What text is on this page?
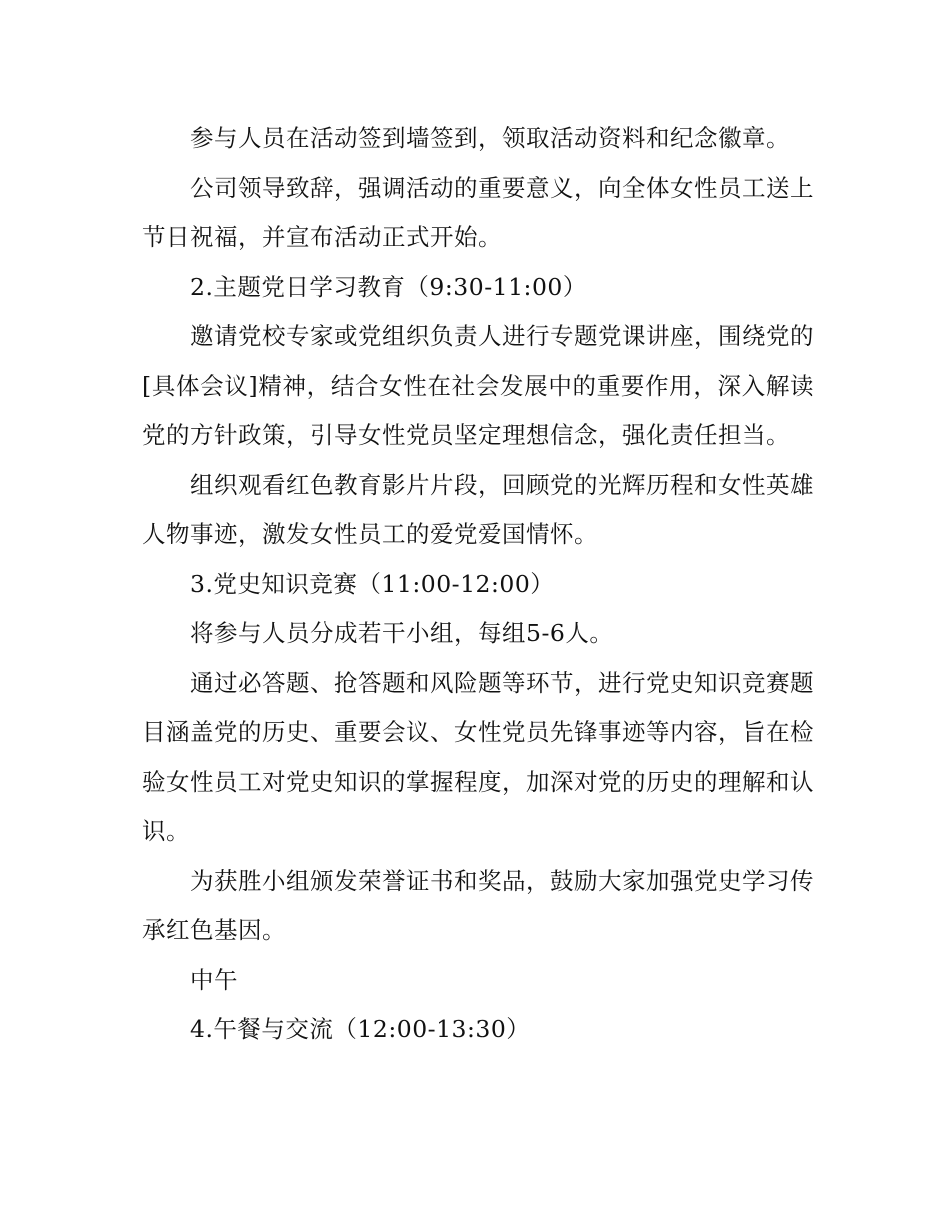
参与人员在活动签到墙签到，领取活动资料和纪念徽章。

公司领导致辞，强调活动的重要意义，向全体女性员工送上节日祝福，并宣布活动正式开始。

2.主题党日学习教育（9:30-11:00）

邀请党校专家或党组织负责人进行专题党课讲座，围绕党的[具体会议]精神，结合女性在社会发展中的重要作用，深入解读党的方针政策，引导女性党员坚定理想信念，强化责任担当。

组织观看红色教育影片片段，回顾党的光辉历程和女性英雄人物事迹，激发女性员工的爱党爱国情怀。

3.党史知识竞赛（11:00-12:00）

将参与人员分成若干小组，每组5-6人。

通过必答题、抢答题和风险题等环节，进行党史知识竞赛题目涵盖党的历史、重要会议、女性党员先锋事迹等内容，旨在检验女性员工对党史知识的掌握程度，加深对党的历史的理解和认识。

为获胜小组颁发荣誉证书和奖品，鼓励大家加强党史学习传承红色基因。

中午

4.午餐与交流（12:00-13:30）
